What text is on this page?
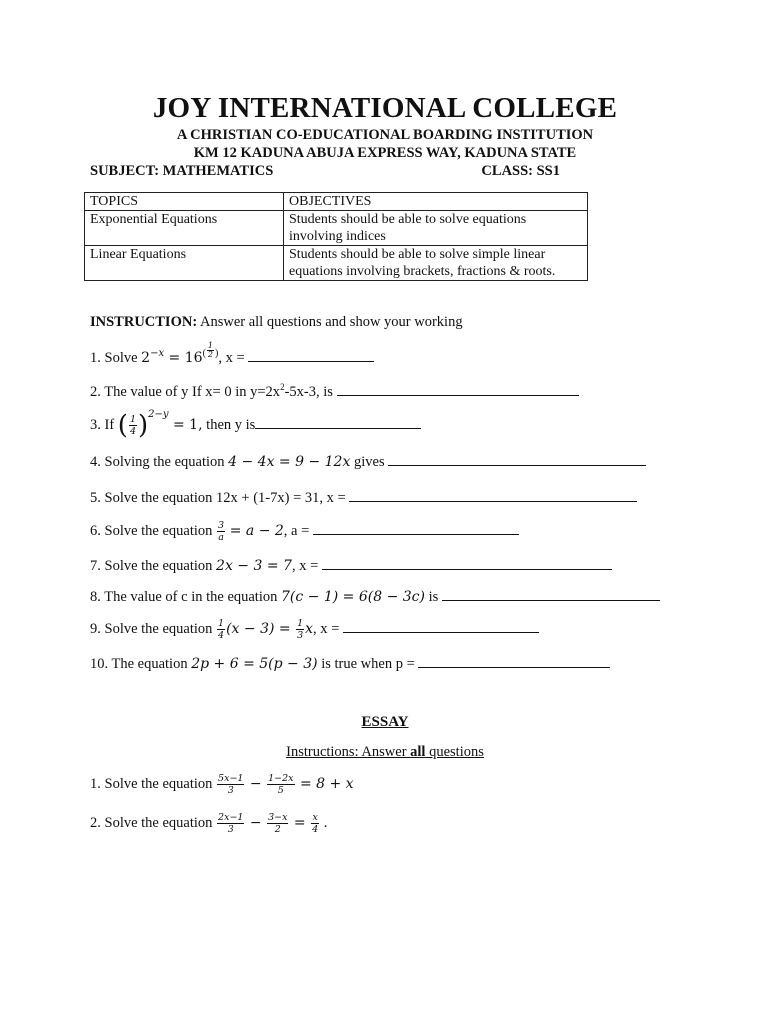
JOY INTERNATIONAL COLLEGE
A CHRISTIAN CO-EDUCATIONAL BOARDING INSTITUTION
KM 12 KADUNA ABUJA EXPRESS WAY, KADUNA STATE
SUBJECT: MATHEMATICS	CLASS: SS1
TOPICS	OBJECTIVES
Exponential Equations	Students should be able to solve equations
involving indices

Linear Equations	Students should be able to solve simple linear
equations involving brackets, fractions & roots.
INSTRUCTION: Answer all questions and show your working
1. Solve $2^{-x} = 16^{( \frac{1}{2} )}$, x =
2. The value of y If x= 0 in $y=2x^2-5x-3$, is
3. If ( $\frac{1}{4} )^{2-y} = 1$, then y is
4. Solving the equation 4 − 4x = 9 − 12x gives
5. Solve the equation 12x + (1-7x) = 31, x =
6. Solve the equation $\frac{3}{a} = a - 2$, a =
7. Solve the equation 2x − 3 = 7, x =
8. The value of c in the equation 7(c − 1) = 6(8 − 3c) is
9. Solve the equation $\frac{1}{4} (x - 3) = \frac{1}{3} x$, x =
10. The equation 2p + 6 = 5(p − 3) is true when p =
ESSAY
Instructions: Answer all questions
1. Solve the equation $\frac{5x-1}{3} - \frac{1-2x}{5} = 8 + x$
2. Solve the equation $\frac{2x-1}{3} - \frac{3-x}{2} = \frac{x}{4}$ .
